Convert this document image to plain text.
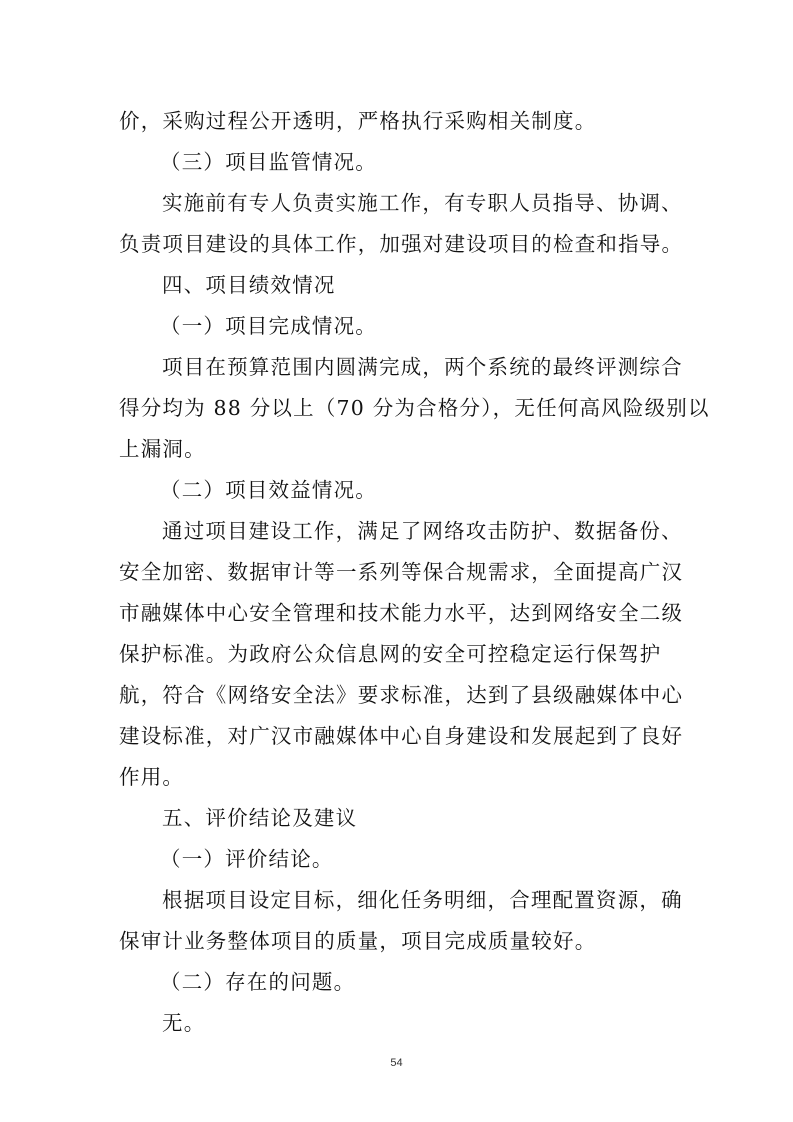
价，采购过程公开透明，严格执行采购相关制度。
（三）项目监管情况。
实施前有专人负责实施工作，有专职人员指导、协调、
负责项目建设的具体工作，加强对建设项目的检查和指导。
四、项目绩效情况
（一）项目完成情况。
项目在预算范围内圆满完成，两个系统的最终评测综合
得分均为 88 分以上（70 分为合格分），无任何高风险级别以
上漏洞。
（二）项目效益情况。
通过项目建设工作，满足了网络攻击防护、数据备份、
安全加密、数据审计等一系列等保合规需求，全面提高广汉
市融媒体中心安全管理和技术能力水平，达到网络安全二级
保护标准。为政府公众信息网的安全可控稳定运行保驾护
航，符合《网络安全法》要求标准，达到了县级融媒体中心
建设标准，对广汉市融媒体中心自身建设和发展起到了良好
作用。
五、评价结论及建议
（一）评价结论。
根据项目设定目标，细化任务明细，合理配置资源，确
保审计业务整体项目的质量，项目完成质量较好。
（二）存在的问题。
无。
54
